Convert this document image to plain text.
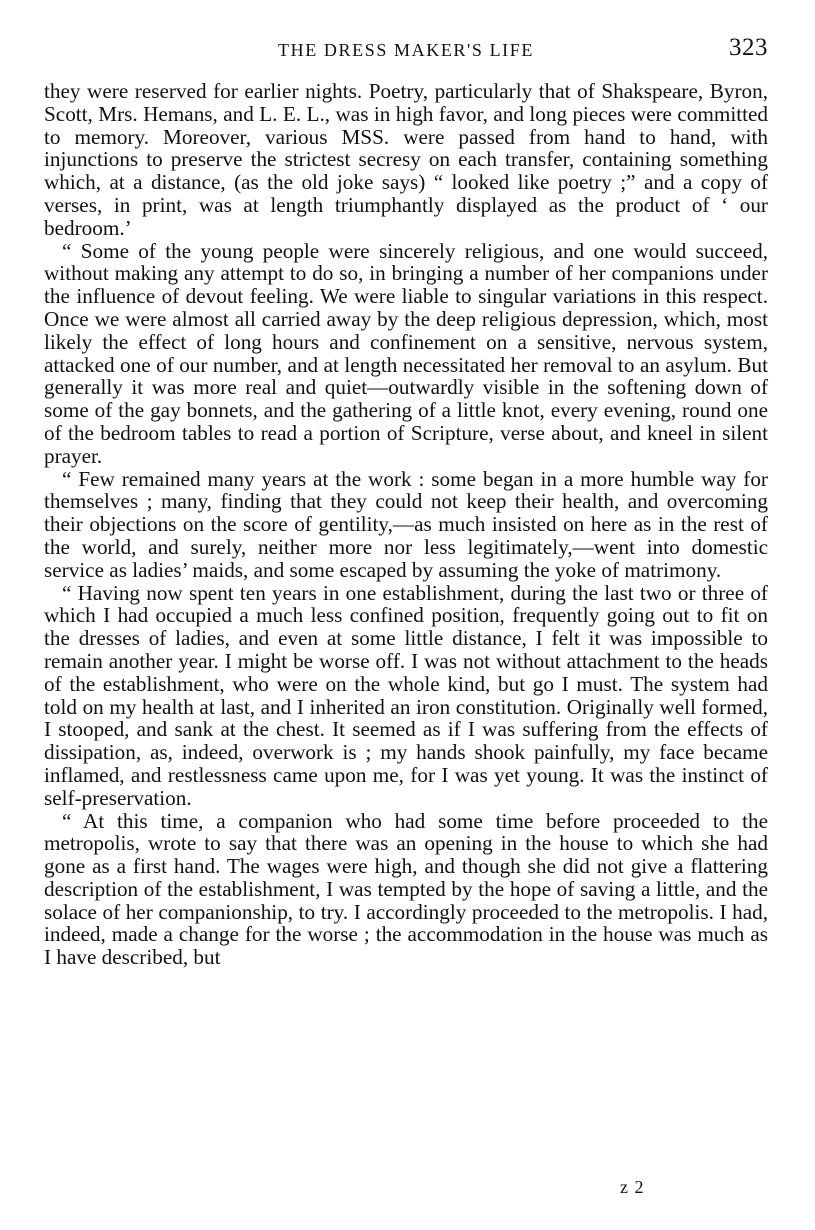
THE DRESS MAKER'S LIFE	323

they were reserved for earlier nights. Poetry, particularly that of Shakspeare, Byron, Scott, Mrs. Hemans, and L. E. L., was in high favor, and long pieces were committed to memory. Moreover, various MSS. were passed from hand to hand, with injunctions to preserve the strictest secresy on each transfer, containing something which, at a distance, (as the old joke says) “ looked like poetry ;” and a copy of verses, in print, was at length triumphantly displayed as the product of ‘ our bedroom.’

“ Some of the young people were sincerely religious, and one would succeed, without making any attempt to do so, in bringing a number of her companions under the influence of devout feeling. We were liable to singular variations in this respect. Once we were almost all carried away by the deep religious depression, which, most likely the effect of long hours and confinement on a sensitive, nervous system, attacked one of our number, and at length necessitated her removal to an asylum. But generally it was more real and quiet—outwardly visible in the softening down of some of the gay bonnets, and the gathering of a little knot, every evening, round one of the bedroom tables to read a portion of Scripture, verse about, and kneel in silent prayer.

“ Few remained many years at the work : some began in a more humble way for themselves ; many, finding that they could not keep their health, and overcoming their objections on the score of gentility,—as much insisted on here as in the rest of the world, and surely, neither more nor less legitimately,—went into domestic service as ladies’ maids, and some escaped by assuming the yoke of matrimony.

“ Having now spent ten years in one establishment, during the last two or three of which I had occupied a much less confined position, frequently going out to fit on the dresses of ladies, and even at some little distance, I felt it was impossible to remain another year. I might be worse off. I was not without attachment to the heads of the establishment, who were on the whole kind, but go I must. The system had told on my health at last, and I inherited an iron constitution. Originally well formed, I stooped, and sank at the chest. It seemed as if I was suffering from the effects of dissipation, as, indeed, overwork is ; my hands shook painfully, my face became inflamed, and restlessness came upon me, for I was yet young. It was the instinct of self-preservation.

“ At this time, a companion who had some time before proceeded to the metropolis, wrote to say that there was an opening in the house to which she had gone as a first hand. The wages were high, and though she did not give a flattering description of the establishment, I was tempted by the hope of saving a little, and the solace of her companionship, to try. I accordingly proceeded to the metropolis. I had, indeed, made a change for the worse ; the accommodation in the house was much as I have described, but

z 2
